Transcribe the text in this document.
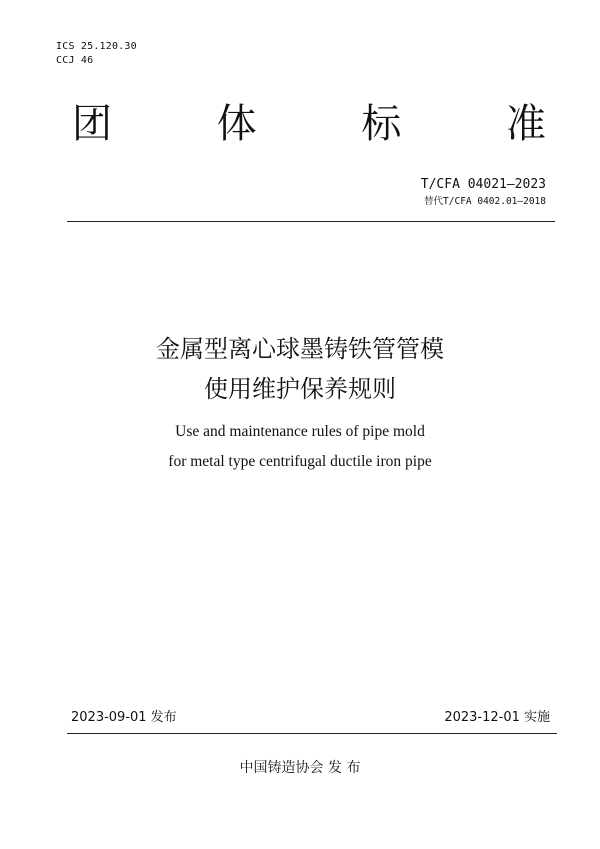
ICS 25.120.30
CCJ 46
团	体	标	准
T/CFA 04021—2023
替代T/CFA 0402.01—2018
金属型离心球墨铸铁管管模
使用维护保养规则
Use and maintenance rules of pipe mold
for metal type centrifugal ductile iron pipe
2023-09-01 发布	2023-12-01 实施
中国铸造协会 发 布
